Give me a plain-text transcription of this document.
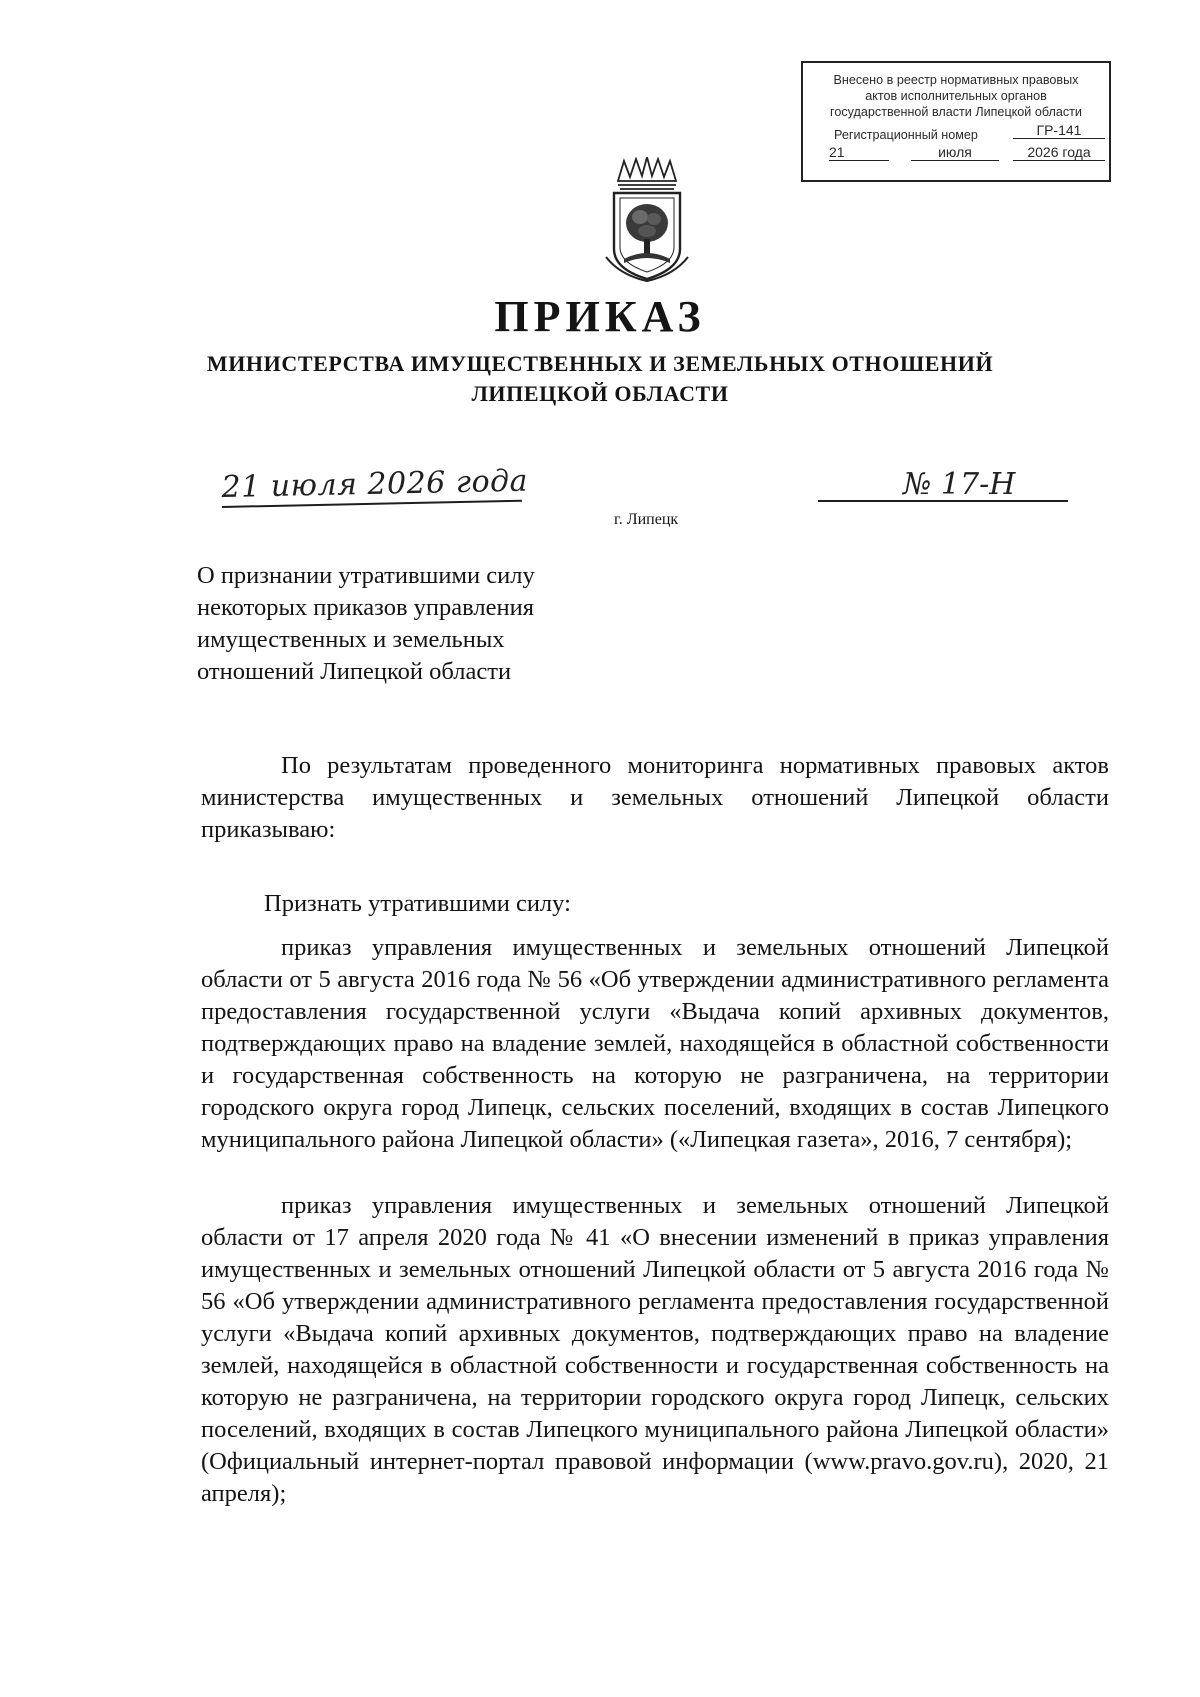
Внесено в реестр нормативных правовых
актов исполнительных органов
государственной власти Липецкой области
Регистрационный номер	ГР-141
21	июля	2026 года
ПРИКАЗ
МИНИСТЕРСТВА ИМУЩЕСТВЕННЫХ И ЗЕМЕЛЬНЫХ ОТНОШЕНИЙ
ЛИПЕЦКОЙ ОБЛАСТИ
21 июля 2026 года	№ 17-Н
г. Липецк
О признании утратившими силу
некоторых приказов управления
имущественных и земельных
отношений Липецкой области

По результатам проведенного мониторинга нормативных правовых актов министерства имущественных и земельных отношений Липецкой области приказываю:

Признать утратившими силу:

приказ управления имущественных и земельных отношений Липецкой области от 5 августа 2016 года № 56 «Об утверждении административного регламента предоставления государственной услуги «Выдача копий архивных документов, подтверждающих право на владение землей, находящейся в областной собственности и государственная собственность на которую не разграничена, на территории городского округа город Липецк, сельских поселений, входящих в состав Липецкого муниципального района Липецкой области» («Липецкая газета», 2016, 7 сентября);

приказ управления имущественных и земельных отношений Липецкой области от 17 апреля 2020 года № 41 «О внесении изменений в приказ управления имущественных и земельных отношений Липецкой области от 5 августа 2016 года № 56 «Об утверждении административного регламента предоставления государственной услуги «Выдача копий архивных документов, подтверждающих право на владение землей, находящейся в областной собственности и государственная собственность на которую не разграничена, на территории городского округа город Липецк, сельских поселений, входящих в состав Липецкого муниципального района Липецкой области» (Официальный интернет-портал правовой информации (www.pravo.gov.ru), 2020, 21 апреля);
